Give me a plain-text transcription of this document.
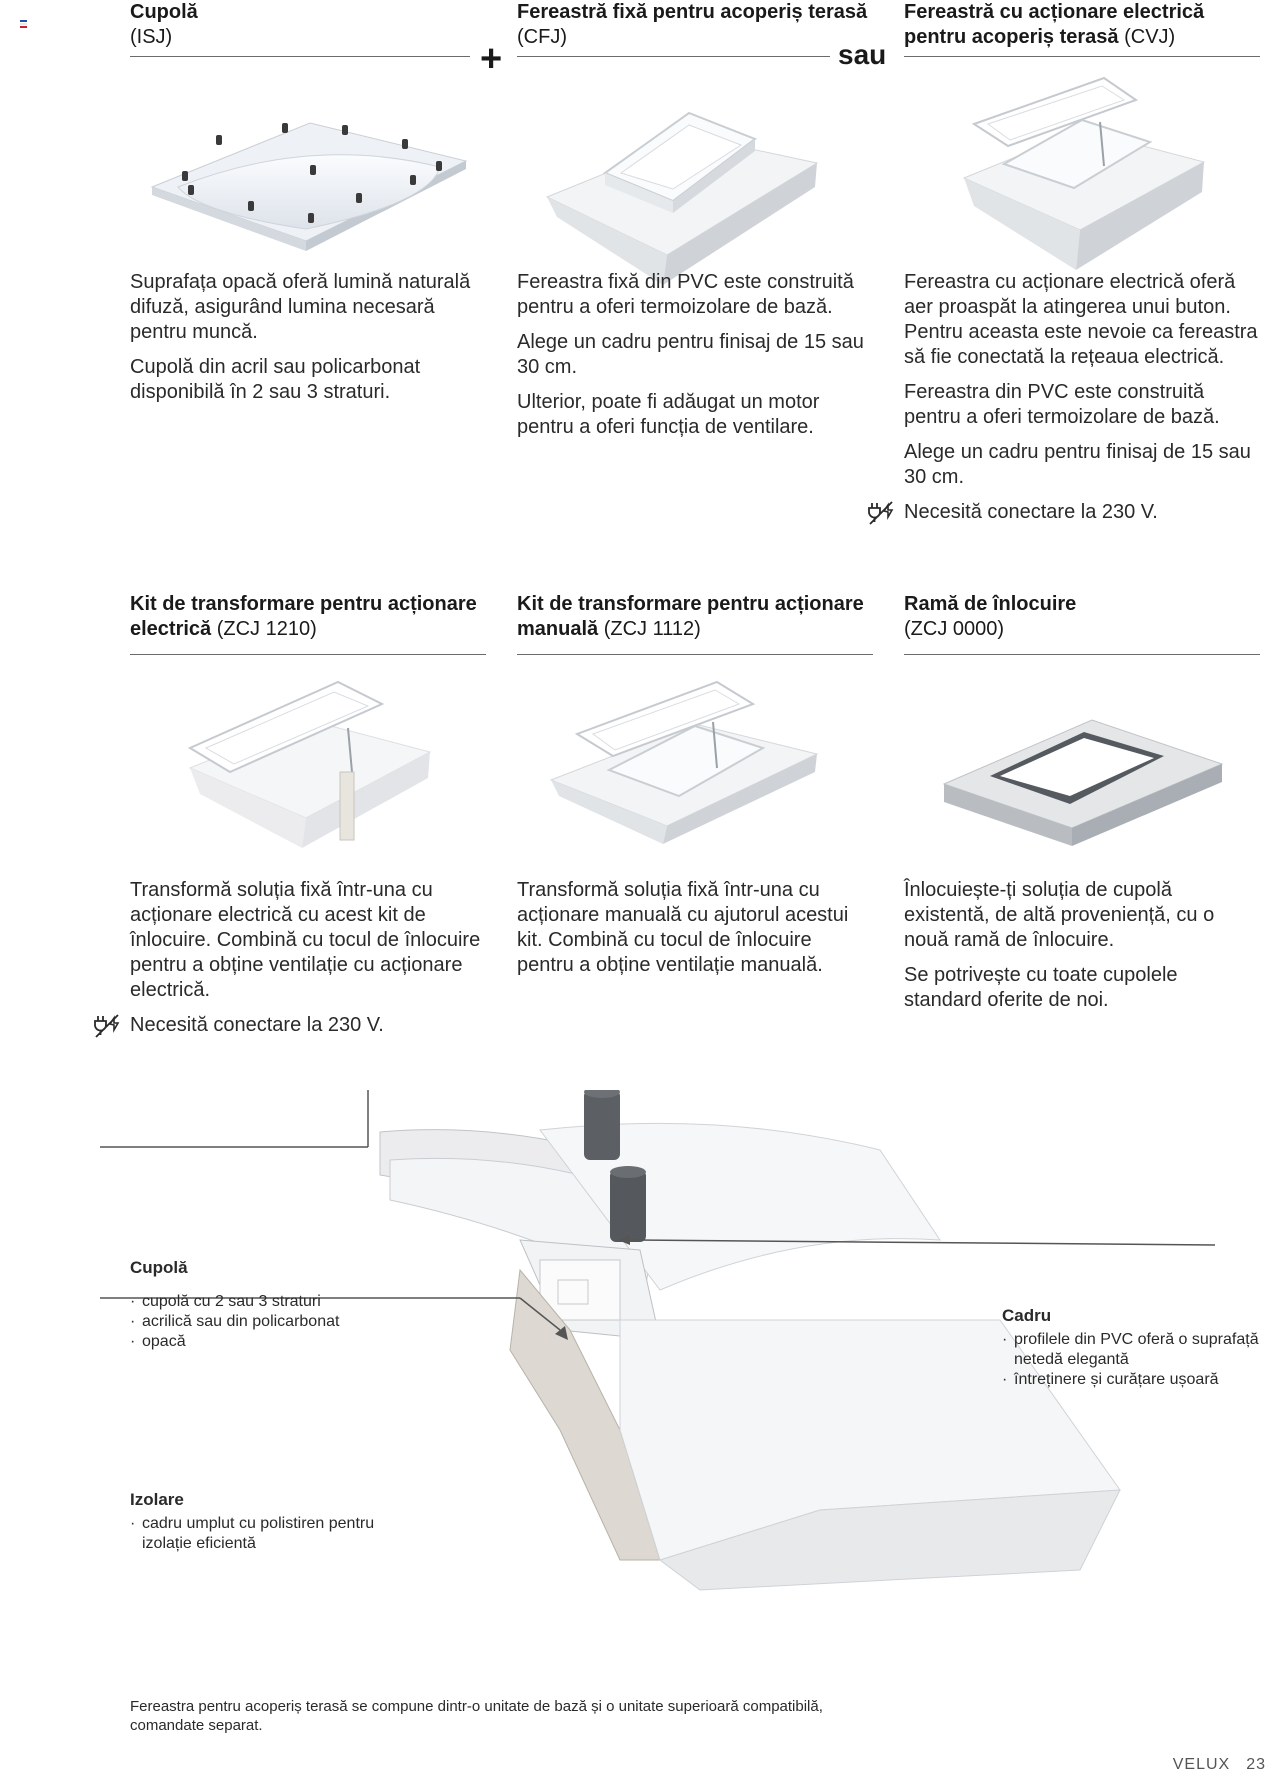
Cupolă
(ISJ)
+
Fereastră fixă pentru acoperiș terasă (CFJ)
sau
Fereastră cu acționare electrică pentru acoperiș terasă (CVJ)

Suprafața opacă oferă lumină naturală difuză, asigurând lumina necesară pentru muncă.

Cupolă din acril sau policarbonat disponibilă în 2 sau 3 straturi.

Fereastra fixă din PVC este construită pentru a oferi termoizolare de bază.

Alege un cadru pentru finisaj de 15 sau 30 cm.

Ulterior, poate fi adăugat un motor pentru a oferi funcția de ventilare.

Fereastra cu acționare electrică oferă aer proaspăt la atingerea unui buton. Pentru aceasta este nevoie ca fereastra să fie conectată la rețeaua electrică.

Fereastra din PVC este construită pentru a oferi termoizolare de bază.

Alege un cadru pentru finisaj de 15 sau 30 cm.

Necesită conectare la 230 V.
Kit de transformare pentru acționare electrică (ZCJ 1210)
Kit de transformare pentru acționare manuală (ZCJ 1112)
Ramă de înlocuire
(ZCJ 0000)

Transformă soluția fixă într-una cu acționare electrică cu acest kit de înlocuire. Combină cu tocul de înlocuire pentru a obține ventilație cu acționare electrică.

Necesită conectare la 230 V.

Transformă soluția fixă într-una cu acționare manuală cu ajutorul acestui kit. Combină cu tocul de înlocuire pentru a obține ventilație manuală.

Înlocuiește-ți soluția de cupolă existentă, de altă proveniență, cu o nouă ramă de înlocuire.

Se potrivește cu toate cupolele standard oferite de noi.

Cupolă
· cupolă cu 2 sau 3 straturi
· acrilică sau din policarbonat
· opacă
Cadru
· profilele din PVC oferă o suprafață netedă elegantă
· întreținere și curățare ușoară
Izolare
· cadru umplut cu polistiren pentru izolație eficientă
Fereastra pentru acoperiș terasă se compune dintr-o unitate de bază și o unitate superioară compatibilă, comandate separat.
VELUX 23
